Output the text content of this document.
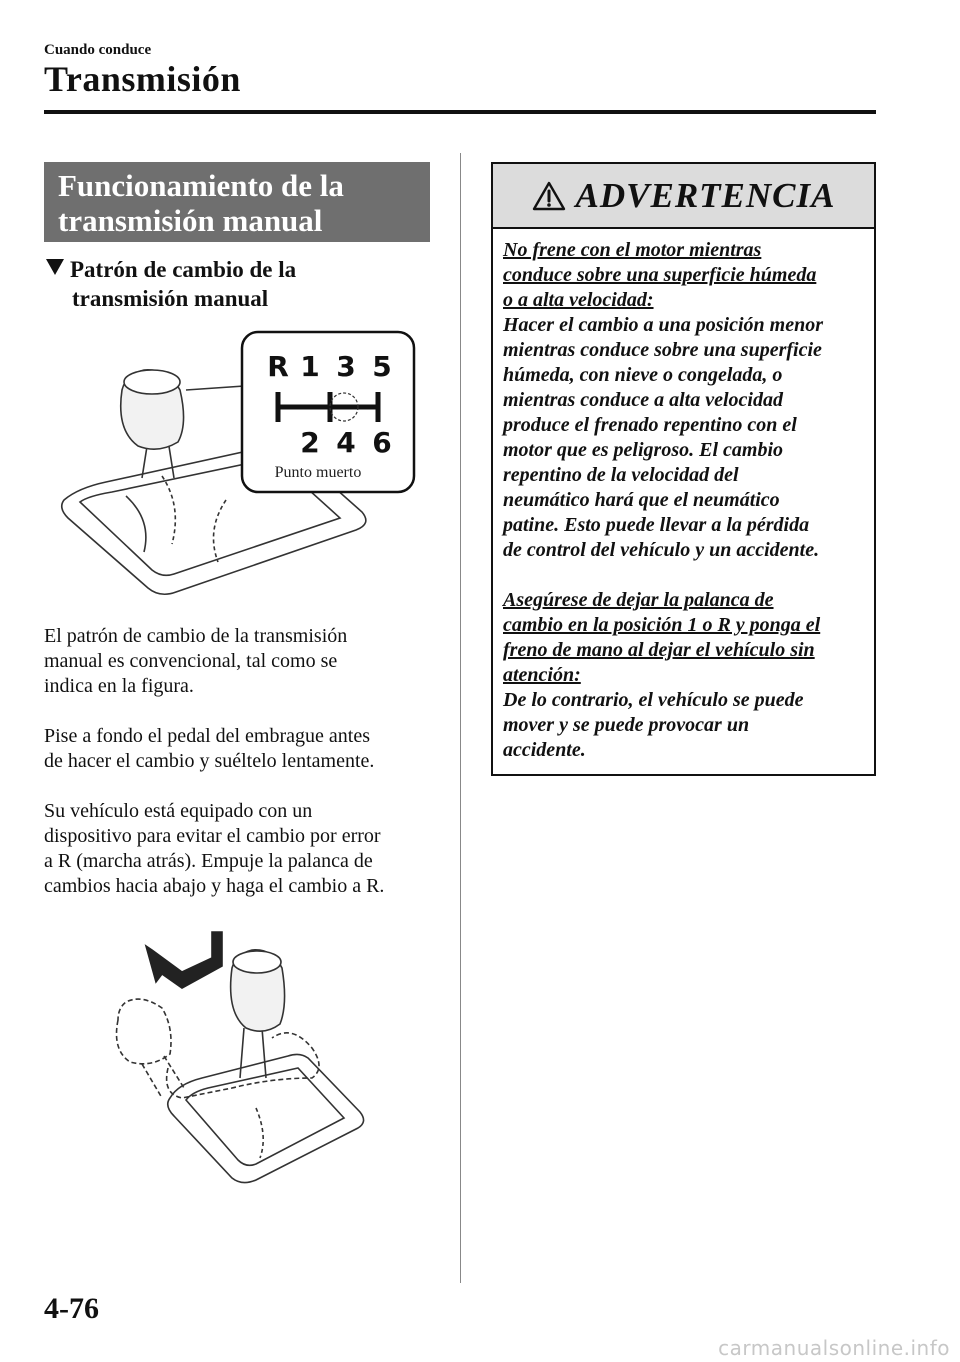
Cuando conduce
Transmisión
Funcionamiento de la
transmisión manual
Patrón de cambio de la
transmisión manual
R 1 3 5
2 4 6
Punto muerto
El patrón de cambio de la transmisión
manual es convencional, tal como se
indica en la figura.
Pise a fondo el pedal del embrague antes
de hacer el cambio y suéltelo lentamente.
Su vehículo está equipado con un
dispositivo para evitar el cambio por error
a R (marcha atrás). Empuje la palanca de
cambios hacia abajo y haga el cambio a R.
ADVERTENCIA
No frene con el motor mientras
conduce sobre una superficie húmeda
o a alta velocidad:
Hacer el cambio a una posición menor
mientras conduce sobre una superficie
húmeda, con nieve o congelada, o
mientras conduce a alta velocidad
produce el frenado repentino con el
motor que es peligroso. El cambio
repentino de la velocidad del
neumático hará que el neumático
patine. Esto puede llevar a la pérdida
de control del vehículo y un accidente.
Asegúrese de dejar la palanca de
cambio en la posición 1 o R y ponga el
freno de mano al dejar el vehículo sin
atención:
De lo contrario, el vehículo se puede
mover y se puede provocar un
accidente.
4-76
carmanualsonline.info
